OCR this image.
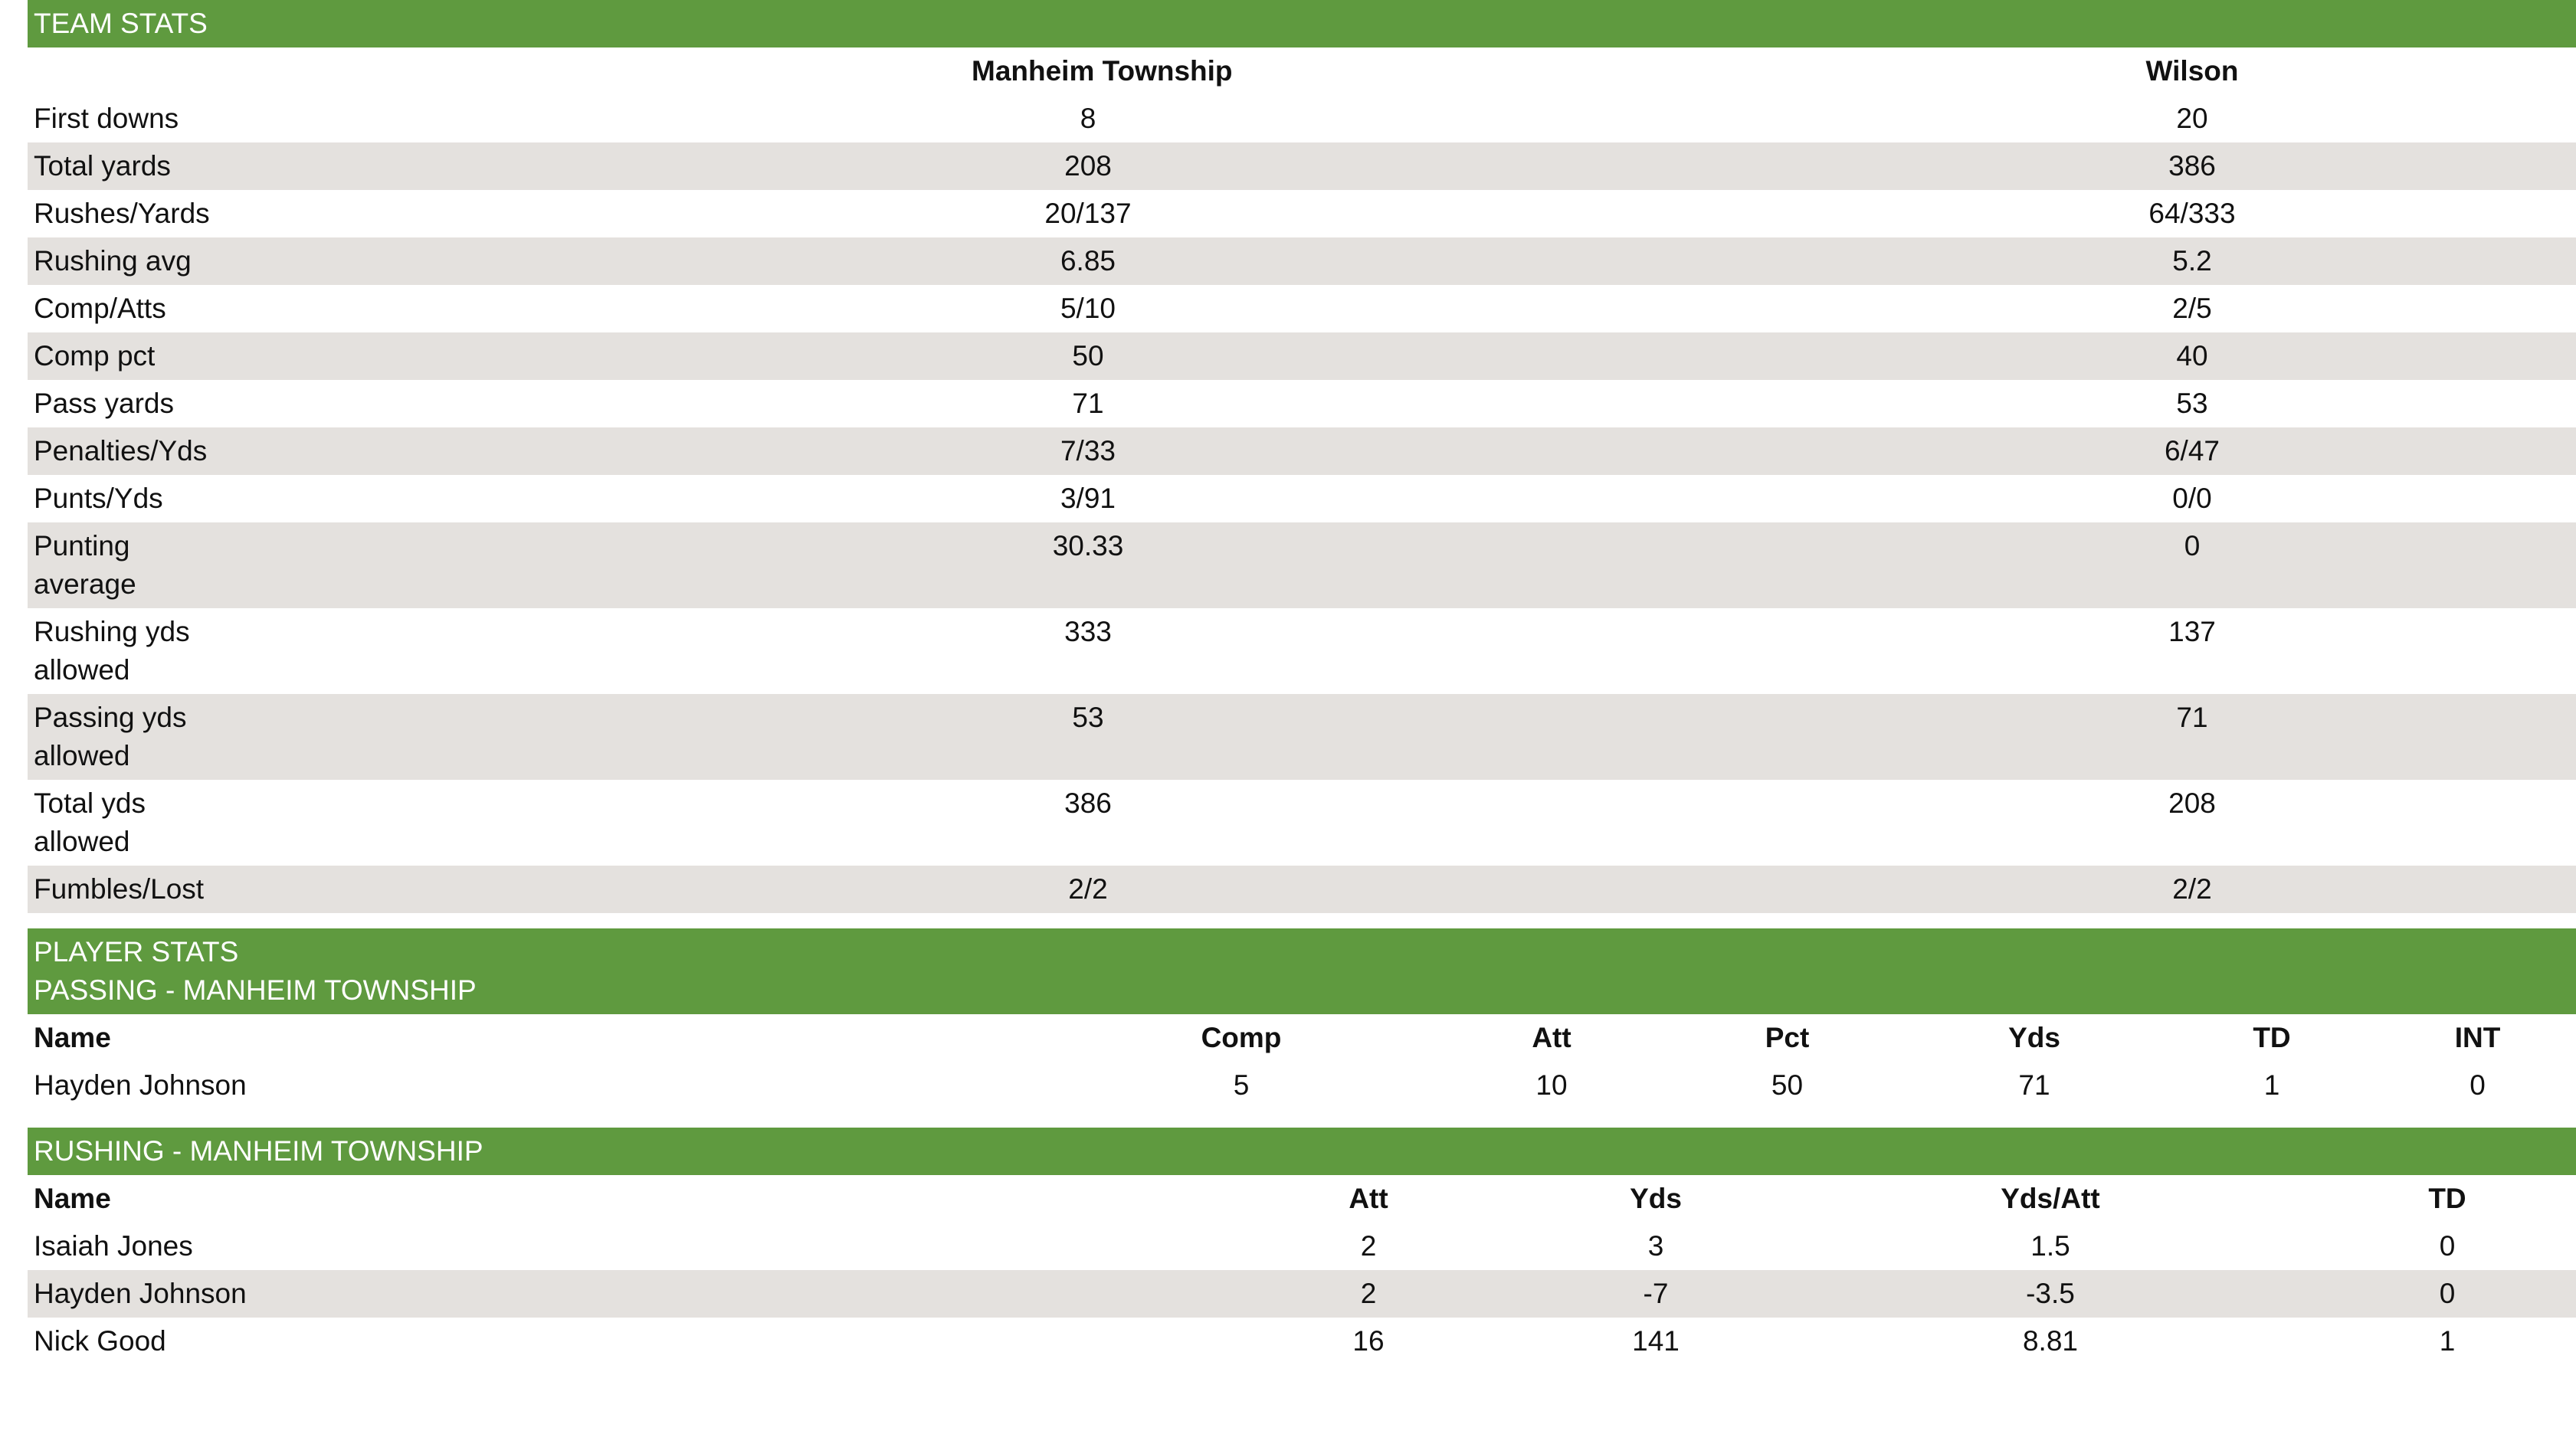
TEAM STATS
	Manheim Township	Wilson
First downs	8	20
Total yards	208	386
Rushes/Yards	20/137	64/333
Rushing avg	6.85	5.2
Comp/Atts	5/10	2/5
Comp pct	50	40
Pass yards	71	53
Penalties/Yds	7/33	6/47
Punts/Yds	3/91	0/0
Punting
average	30.33	0
Rushing yds
allowed	333	137
Passing yds
allowed	53	71
Total yds
allowed	386	208
Fumbles/Lost	2/2	2/2
PLAYER STATS
PASSING - MANHEIM TOWNSHIP
Name	Comp	Att	Pct	Yds	TD	INT
Hayden Johnson	5	10	50	71	1	0
RUSHING - MANHEIM TOWNSHIP
Name	Att	Yds	Yds/Att	TD
Isaiah Jones	2	3	1.5	0
Hayden Johnson	2	-7	-3.5	0
Nick Good	16	141	8.81	1
